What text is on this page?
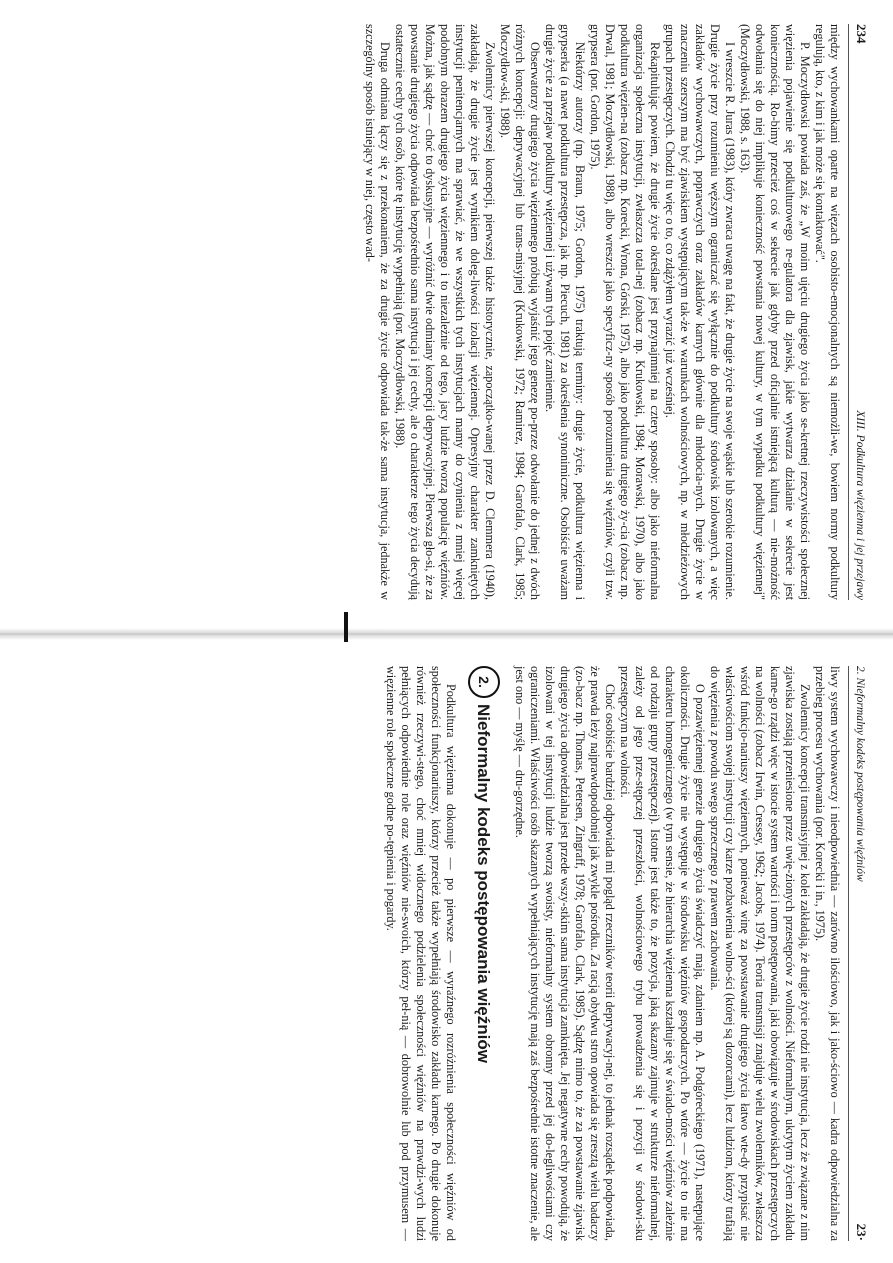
234
XIII. Podkultura więzienna i jej przejawy

między wychowankami oparte na więzach osobisto-emocjonalnych są niemożli-we, bowiem normy podkultury regulują, kto, z kim i jak może się kontaktować".

P. Moczydłowski powiada zaś, że „W moim ujęciu drugiego życia jako se-kretnej rzeczywistości społecznej więzienia pojawienie się podkulturowego re-gulatora dla zjawisk, jakie wytwarza działanie w sekrecie jest koniecznością. Ro-bimy przecież coś w sekrecie jak gdyby przed oficjalnie istniejącą kulturą — nie-możność odwołania się do niej implikuje konieczność powstania nowej kultury, w tym wypadku podkultury więziennej" (Moczydłowski, 1988, s. 163).

I wreszcie R. Juras (1983), który zwraca uwagę na fakt, że drugie życie na swoje wąskie lub szerokie rozumienie. Drugie życie przy rozumieniu węższym ograniczać się wyłącznie do podkultury środowisk izolowanych, a więc zakładów wychowawczych, poprawczych oraz zakładów karnych głównie dla młodocia-nych. Drugie życie w znaczeniu szerszym ma być zjawiskiem występującym tak-że w warunkach wolnościowych, np. w młodzieżowych grupach przestępczych. Chodzi tu więc o to, co zdążyłem wyrazić już wcześniej.

Rekapitulując powiem, że drugie życie określane jest przynajmniej na cztery sposoby: albo jako nieformalna organizacja społeczna instytucji, zwłaszcza total-nej (zobacz np. Krukowski, 1984; Morawski, 1970), albo jako podkultura więzien-na (zobacz np. Korecki, Wrona, Górski, 1975), albo jako podkultura drugiego ży-cia (zobacz np. Drwal, 1981; Moczydłowski, 1988), albo wreszcie jako specyficz-ny sposób porozumienia się więźniów, czyli tzw. grypsera (por. Gordon, 1975).

Niektórzy autorzy (np. Braun, 1975; Gordon, 1975) traktują terminy: drugie życie, podkultura więzienna i grypserka (a nawet podkultura przestępcza, jak np. Piecuch, 1981) za określenia synonimiczne. Osobiście uważam drugie życie za przejaw podkultury więziennej i używam tych pojęć zamiennie.

Obserwatorzy drugiego życia więziennego próbują wyjaśnić jego genezę po-przez odwołanie do jednej z dwóch różnych koncepcji: deprywacyjnej lub trans-misyjnej (Krukowski, 1972; Ramirez, 1984; Garofalo, Clark, 1985; Moczydłow-ski, 1988).

Zwolennicy pierwszej koncepcji, pierwszej także historycznie, zapoczątko-wanej przez D. Clemmera (1940), zakładają, że drugie życie jest wynikiem doleg-liwości izolacji więziennej. Opresyjny charakter zamkniętych instytucji penitencjarnych ma sprawiać, że we wszystkich tych instytucjach mamy do czynienia z mniej więcej podobnym obrazem drugiego życia więziennego i to niezależnie od tego, jacy ludzie tworzą populację więźniów. Można, jak sądzę — choć to dyskusyjne — wyróżnić dwie odmiany koncepcji deprywacyjnej. Pierwsza gło-si, że za powstanie drugiego życia odpowiada bezpośrednio sama instytucja i jej cechy, ale o charakterze tego życia decydują ostatecznie cechy tych osób, które tę instytucję wypełniają (por. Moczydłowski, 1988).

Druga odmiana łączy się z przekonaniem, że za drugie życie odpowiada tak-że sama instytucja, jednakże w szczególny sposób istniejący w niej, często wad-

2. Nieformalny kodeks postępowania więźniów
23·

liwy system wychowawczy i nieodpowiednia — zarówno ilościowo, jak i jako-ściowo — kadra odpowiedzialna za przebieg procesu wychowania (por. Korecki i in., 1975).

Zwolennicy koncepcji transmisyjnej z kolei zakładają, że drugie życie rodzi nie instytucja, lecz że związane z nim zjawiska zostają przeniesione przez uwię-zionych przestępców z wolności. Nieformalnym, ukrytym życiem zakładu karne-go rządzi więc w istocie system wartości i norm postępowania, jaki obowiązuje w środowiskach przestępczych na wolności (zobacz Irwin, Cressey, 1962; Jacobs, 1974). Teoria transmisji znajduje wielu zwolenników, zwłaszcza wśród funkcjo-nariuszy więziennych, ponieważ winę za powstawanie drugiego życia łatwo wte-dy przypisać nie właściwościom swojej instytucji czy karze pozbawienia wolno-ści (której są dozorcami), lecz ludziom, którzy trafiają do więzienia z powodu swego sprzecznego z prawem zachowania.

O pozawięziennej genezie drugiego życia świadczyć mają, zdaniem np. A. Podgóreckiego (1971), następujące okoliczności. Drugie życie nie występuje w środowisku więźniów gospodarczych. Po wtóre — życie to nie ma charakteru homogenicznego (w tym sensie, że hierarchia więzienna kształtuje się w świado-mości więźniów zależnie od rodzaju grupy przestępczej). Istotne jest także to, że pozycja, jaką skazany zajmuje w strukturze nieformalnej, zależy od jego prze-stępczej przeszłości, wolnościowego trybu prowadzenia się i pozycji w środowi-sku przestępczym na wolności.

Choć osobiście bardziej odpowiada mi pogląd rzeczników teorii deprywacyj-nej, to jednak rozsądek podpowiada, że prawda leży najprawdopodobniej jak zwykle pośrodku. Za racją obydwu stron opowiada się zresztą wielu badaczy (zo-bacz np. Thomas, Petersen, Zingraff, 1978; Garofalo, Clark, 1985). Sądzę mimo to, że za powstawanie zjawisk drugiego życia odpowiedzialna jest przede wszy-stkim sama instytucja zamknięta. Jej negatywne cechy powodują, że izolowani w tej instytucji ludzie tworzą swoisty, nieformalny system obronny przed jej do-legliwościami czy ograniczeniami. Właściwości osób skazanych wypełniających instytucję mają zaś bezpośrednie istotne znaczenie, ale jest ono — myślę — dru-gorzędne.

2.
Nieformalny kodeks postępowania więźniów

Podkultura więzienna dokonuje — po pierwsze — wyraźnego rozróżnienia społeczności więźniów od społeczności funkcjonariuszy, którzy przecież także wypełniają środowisko zakładu karnego. Po drugie dokonuje również rzeczywi-stego, choć mniej widocznego podzielenia społeczności więźniów na prawdzi-wych ludzi pełniących odpowiednie role oraz więźniów nie-swoich, którzy peł-nią — dobrowolnie lub pod przymusem — więzienne role społeczne godne po-tępienia i pogardy.
